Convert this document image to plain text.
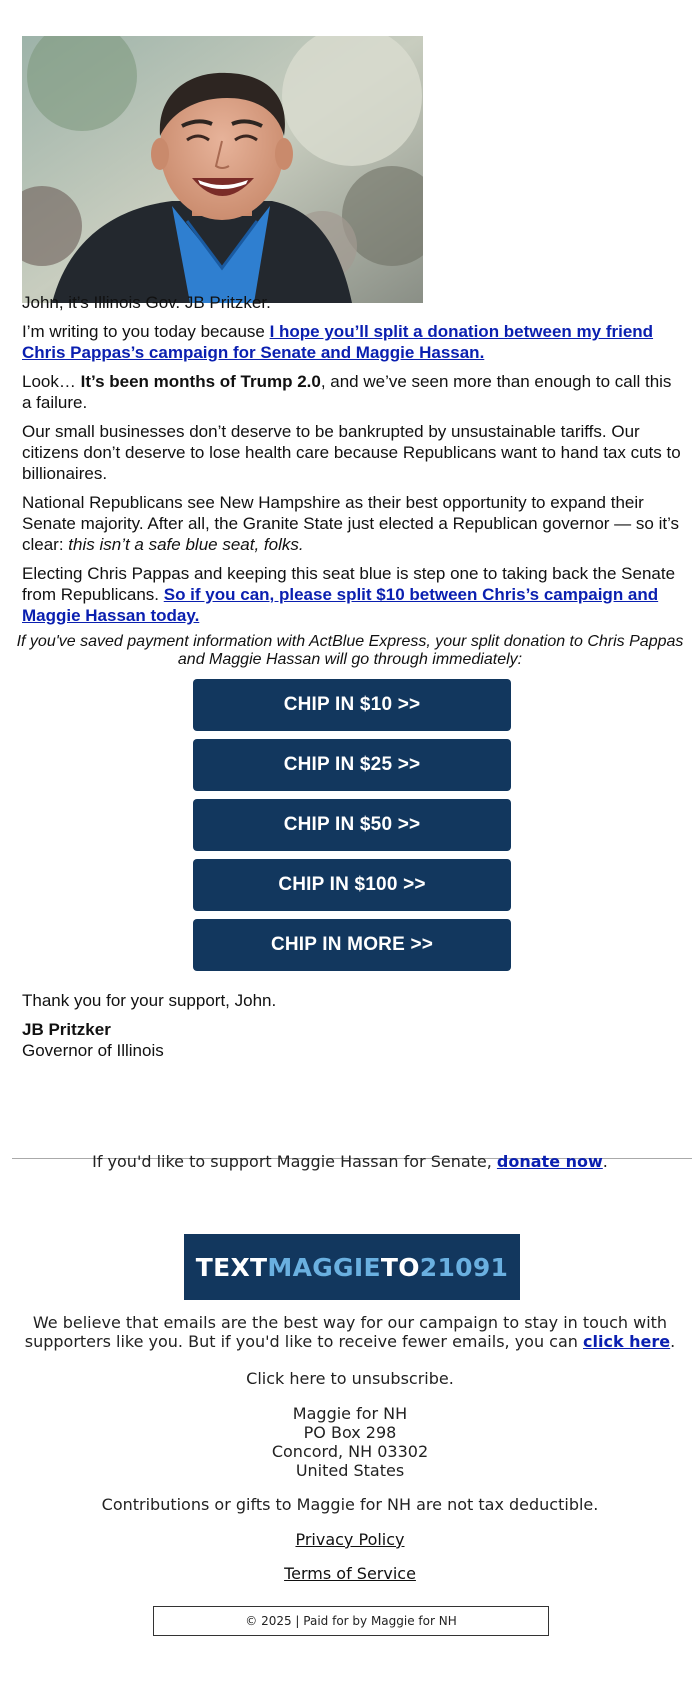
John, it’s Illinois Gov. JB Pritzker.

I’m writing to you today because I hope you’ll split a donation between my friend Chris Pappas’s campaign for Senate and Maggie Hassan.

Look… It’s been months of Trump 2.0, and we’ve seen more than enough to call this a failure.

Our small businesses don’t deserve to be bankrupted by unsustainable tariffs. Our citizens don’t deserve to lose health care because Republicans want to hand tax cuts to billionaires.

National Republicans see New Hampshire as their best opportunity to expand their Senate majority. After all, the Granite State just elected a Republican governor — so it’s clear: this isn’t a safe blue seat, folks.

Electing Chris Pappas and keeping this seat blue is step one to taking back the Senate from Republicans. So if you can, please split $10 between Chris’s campaign and Maggie Hassan today.

If you've saved payment information with ActBlue Express, your split donation to Chris Pappas and Maggie Hassan will go through immediately:

CHIP IN $10 >>
CHIP IN $25 >>
CHIP IN $50 >>
CHIP IN $100 >>
CHIP IN MORE >>

Thank you for your support, John.

JB Pritzker

Governor of Illinois

If you'd like to support Maggie Hassan for Senate, donate now.

TEXT MAGGIE TO 21091

We believe that emails are the best way for our campaign to stay in touch with supporters like you. But if you'd like to receive fewer emails, you can click here.

Click here to unsubscribe.

Maggie for NH

PO Box 298

Concord, NH 03302

United States

Contributions or gifts to Maggie for NH are not tax deductible.

Privacy Policy

Terms of Service

© 2025 | Paid for by Maggie for NH
